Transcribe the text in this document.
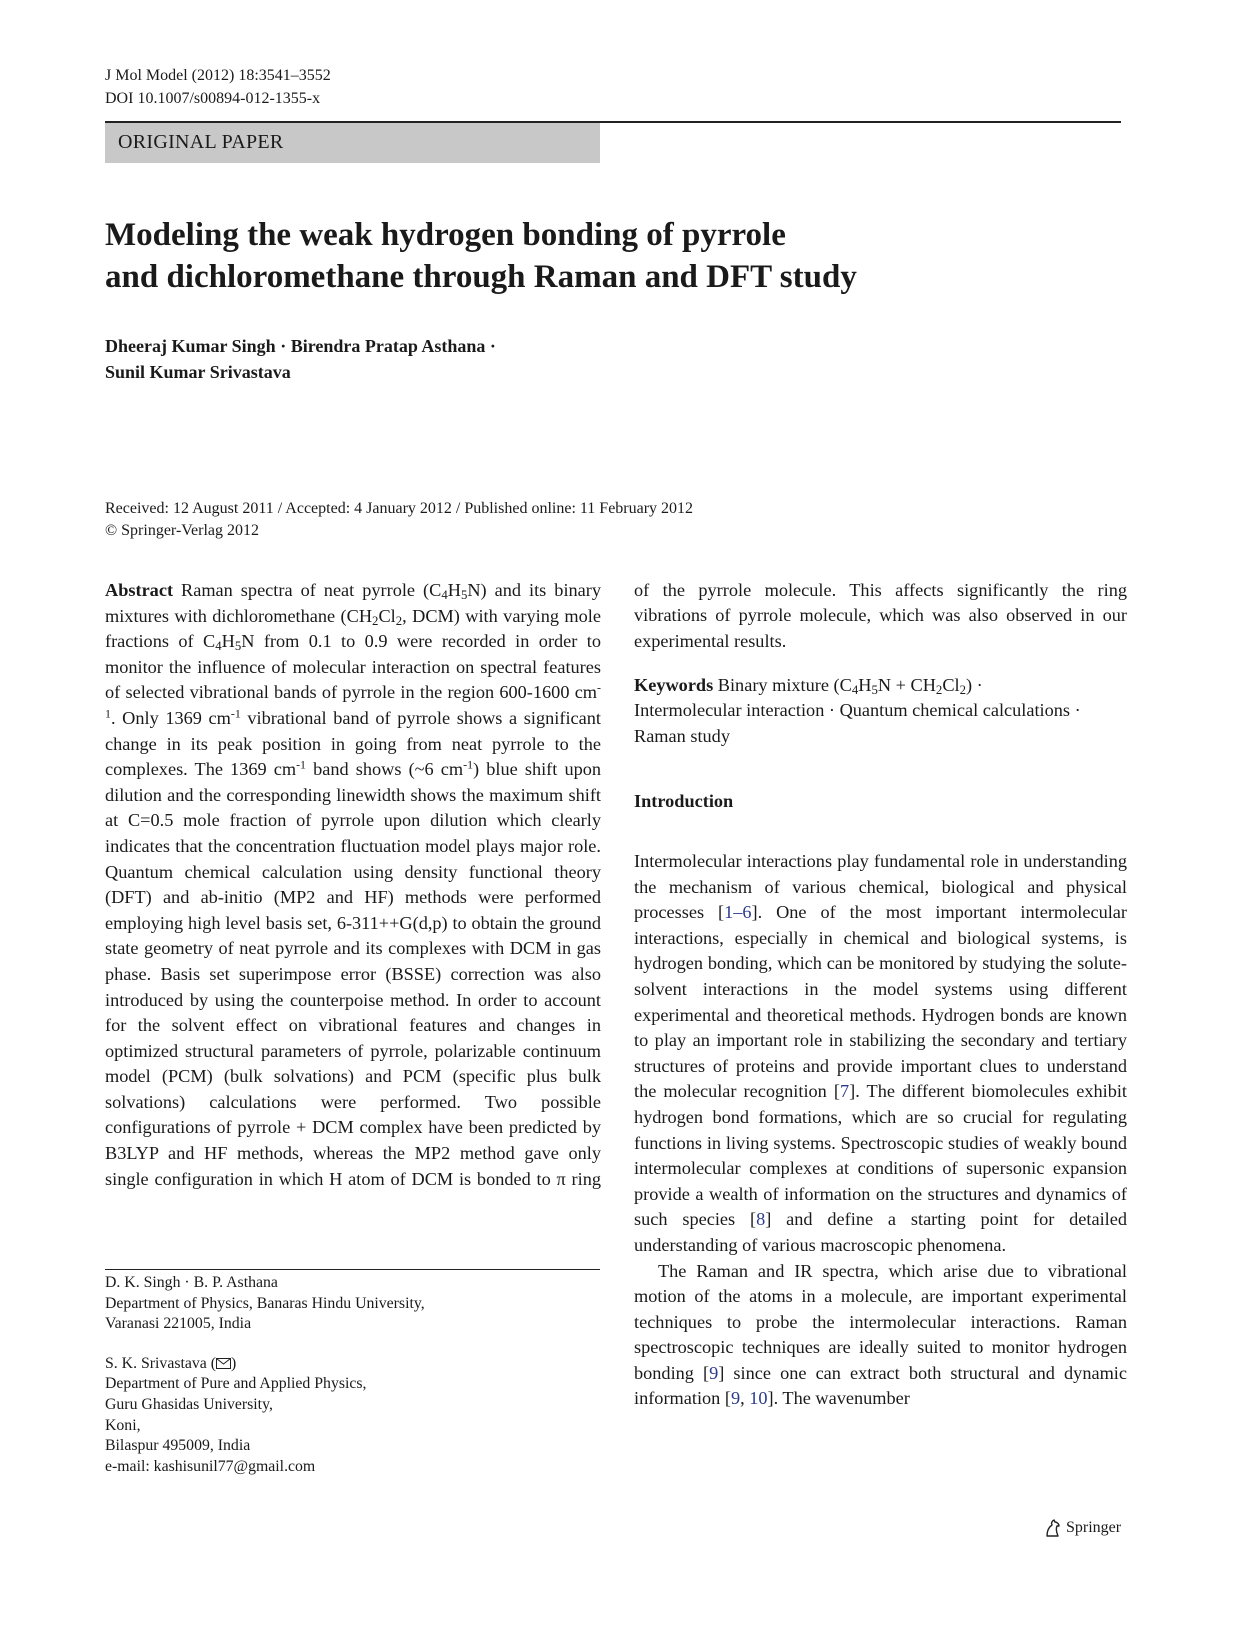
J Mol Model (2012) 18:3541–3552
DOI 10.1007/s00894-012-1355-x
ORIGINAL PAPER
Modeling the weak hydrogen bonding of pyrrole
and dichloromethane through Raman and DFT study
Dheeraj Kumar Singh · Birendra Pratap Asthana ·
Sunil Kumar Srivastava
Received: 12 August 2011 / Accepted: 4 January 2012 / Published online: 11 February 2012
© Springer-Verlag 2012

Abstract Raman spectra of neat pyrrole $(C_4H_5N)$ and its binary mixtures with dichloromethane ($CH_2Cl_2$, DCM) with varying mole fractions of $C_4H_5N$ from 0.1 to 0.9 were recorded in order to monitor the influence of molecular interaction on spectral features of selected vibrational bands of pyrrole in the region 600-1600 $cm^{-1}$. Only 1369 $cm^{-1}$ vibrational band of pyrrole shows a significant change in its peak position in going from neat pyrrole to the complexes. The 1369 $cm^{-1}$ band shows (~6 $cm^{-1}$) blue shift upon dilution and the corresponding linewidth shows the maximum shift at C=0.5 mole fraction of pyrrole upon dilution which clearly indicates that the concentration fluctuation model plays major role. Quantum chemical calculation using density functional theory (DFT) and ab-initio (MP2 and HF) methods were performed employing high level basis set, 6-311++G(d,p) to obtain the ground state geometry of neat pyrrole and its complexes with DCM in gas phase. Basis set superimpose error (BSSE) correction was also introduced by using the counterpoise method. In order to account for the solvent effect on vibrational features and changes in optimized structural parameters of pyrrole, polarizable continuum model (PCM) (bulk solvations) and PCM (specific plus bulk solvations) calculations were performed. Two possible configurations of pyrrole + DCM complex have been predicted by B3LYP and HF methods, whereas the MP2 method gave only single configuration in which H atom of DCM is bonded to π ring

of the pyrrole molecule. This affects significantly the ring vibrations of pyrrole molecule, which was also observed in our experimental results.

Keywords Binary mixture $(C_4H_5N + CH_2Cl_2)$ ·
Intermolecular interaction · Quantum chemical calculations · Raman study

Introduction

Intermolecular interactions play fundamental role in understanding the mechanism of various chemical, biological and physical processes [1–6]. One of the most important intermolecular interactions, especially in chemical and biological systems, is hydrogen bonding, which can be monitored by studying the solute-solvent interactions in the model systems using different experimental and theoretical methods. Hydrogen bonds are known to play an important role in stabilizing the secondary and tertiary structures of proteins and provide important clues to understand the molecular recognition [7]. The different biomolecules exhibit hydrogen bond formations, which are so crucial for regulating functions in living systems. Spectroscopic studies of weakly bound intermolecular complexes at conditions of supersonic expansion provide a wealth of information on the structures and dynamics of such species [8] and define a starting point for detailed understanding of various macroscopic phenomena.

The Raman and IR spectra, which arise due to vibrational motion of the atoms in a molecule, are important experimental techniques to probe the intermolecular interactions. Raman spectroscopic techniques are ideally suited to monitor hydrogen bonding [9] since one can extract both structural and dynamic information [9, 10]. The wavenumber

D. K. Singh · B. P. Asthana
Department of Physics, Banaras Hindu University,
Varanasi 221005, India
S. K. Srivastava ( )
Department of Pure and Applied Physics,
Guru Ghasidas University,
Koni,
Bilaspur 495009, India
e-mail: kashisunil77@gmail.com
Springer
